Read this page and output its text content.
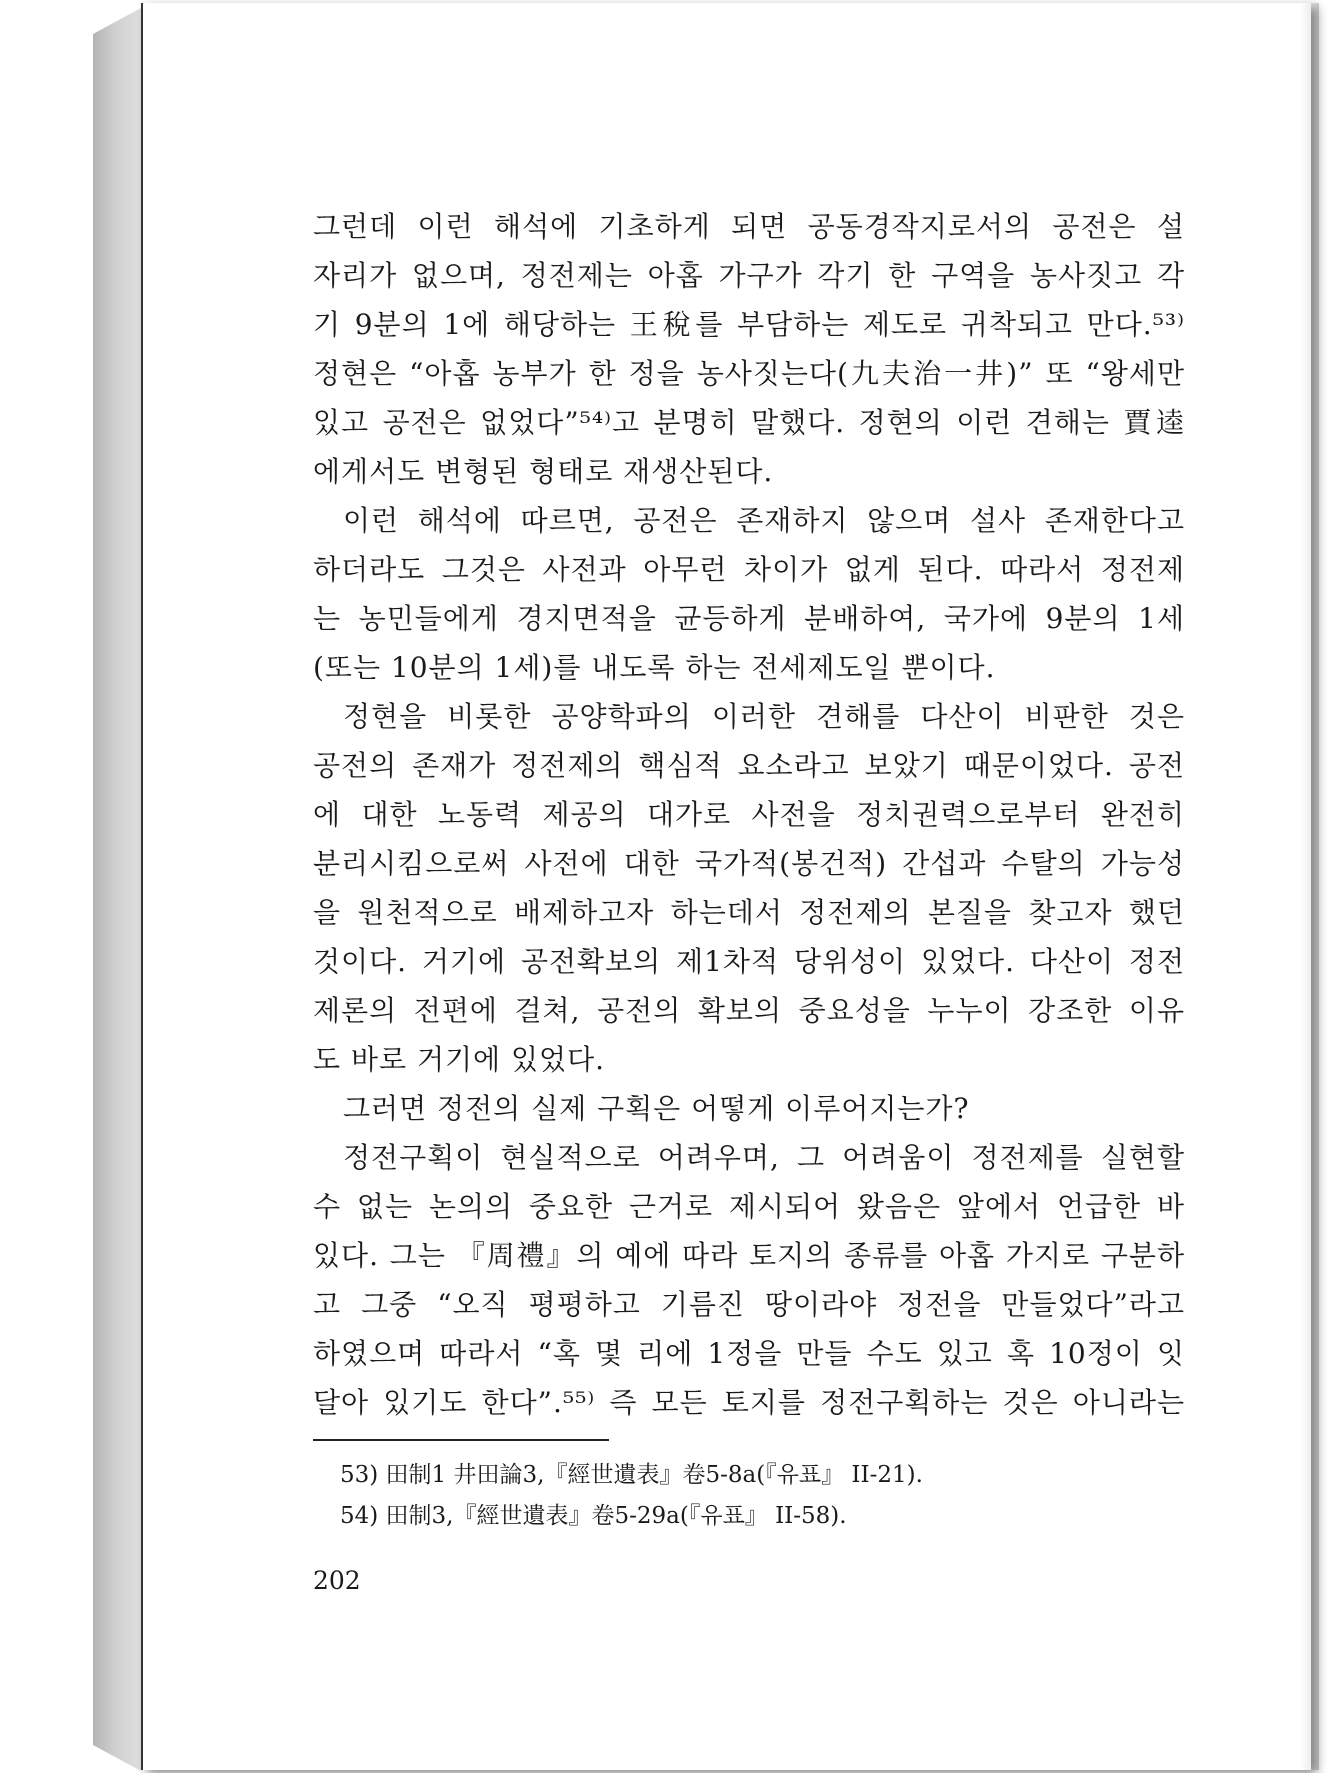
그런데 이런 해석에 기초하게 되면 공동경작지로서의 공전은 설
자리가 없으며, 정전제는 아홉 가구가 각기 한 구역을 농사짓고 각
기 9분의 1에 해당하는 王稅를 부담하는 제도로 귀착되고 만다.⁵³⁾
정현은 “아홉 농부가 한 정을 농사짓는다(九夫治一井)” 또 “왕세만
있고 공전은 없었다”⁵⁴⁾고 분명히 말했다. 정현의 이런 견해는 賈逵
에게서도 변형된 형태로 재생산된다.
이런 해석에 따르면, 공전은 존재하지 않으며 설사 존재한다고
하더라도 그것은 사전과 아무런 차이가 없게 된다. 따라서 정전제
는 농민들에게 경지면적을 균등하게 분배하여, 국가에 9분의 1세
(또는 10분의 1세)를 내도록 하는 전세제도일 뿐이다.
정현을 비롯한 공양학파의 이러한 견해를 다산이 비판한 것은
공전의 존재가 정전제의 핵심적 요소라고 보았기 때문이었다. 공전
에 대한 노동력 제공의 대가로 사전을 정치권력으로부터 완전히
분리시킴으로써 사전에 대한 국가적(봉건적) 간섭과 수탈의 가능성
을 원천적으로 배제하고자 하는데서 정전제의 본질을 찾고자 했던
것이다. 거기에 공전확보의 제1차적 당위성이 있었다. 다산이 정전
제론의 전편에 걸쳐, 공전의 확보의 중요성을 누누이 강조한 이유
도 바로 거기에 있었다.
그러면 정전의 실제 구획은 어떻게 이루어지는가?
정전구획이 현실적으로 어려우며, 그 어려움이 정전제를 실현할
수 없는 논의의 중요한 근거로 제시되어 왔음은 앞에서 언급한 바
있다. 그는 『周禮』의 예에 따라 토지의 종류를 아홉 가지로 구분하
고 그중 “오직 평평하고 기름진 땅이라야 정전을 만들었다”라고
하였으며 따라서 “혹 몇 리에 1정을 만들 수도 있고 혹 10정이 잇
달아 있기도 한다”.⁵⁵⁾ 즉 모든 토지를 정전구획하는 것은 아니라는
53) 田制1 井田論3,『經世遺表』卷5-8a(『유표』 II-21).
54) 田制3,『經世遺表』卷5-29a(『유표』 II-58).
202
